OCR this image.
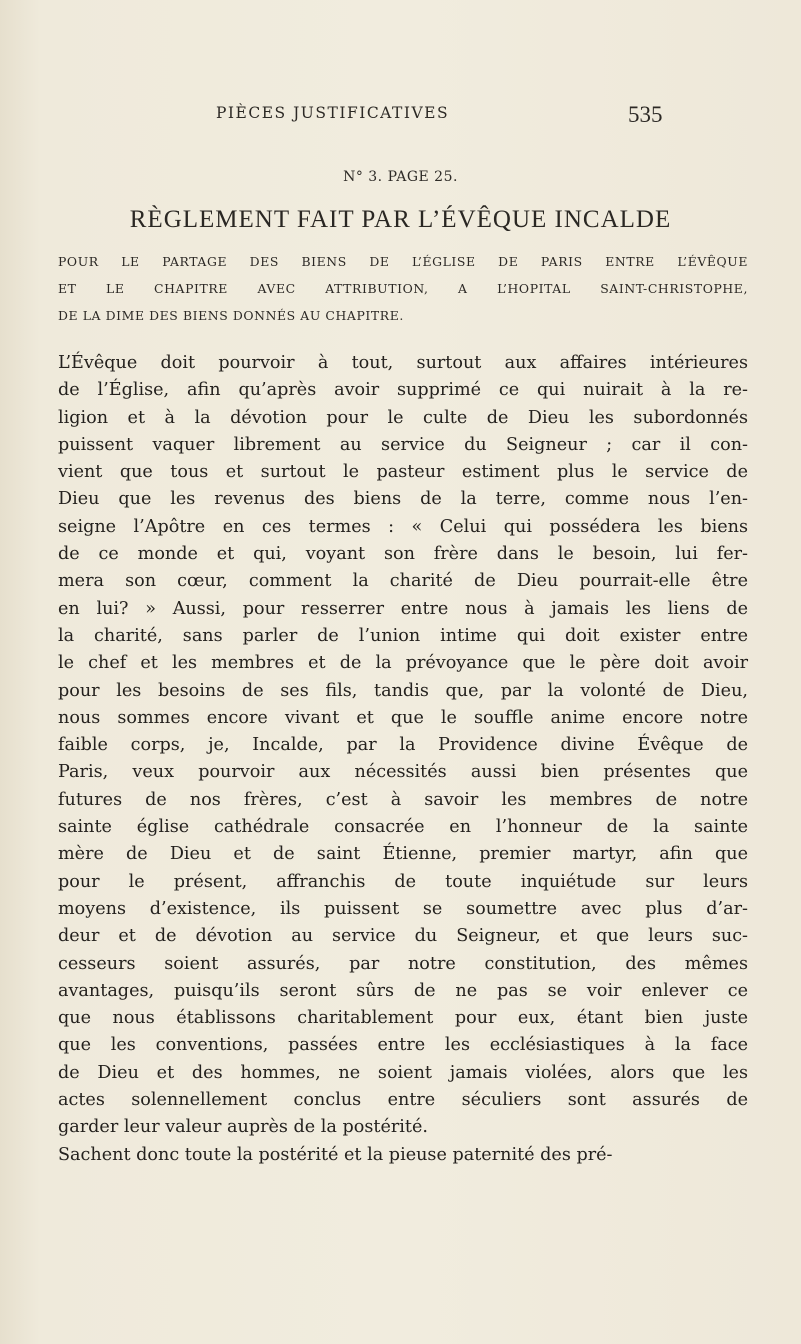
PIÈCES JUSTIFICATIVES	535
N° 3. PAGE 25.
RÈGLEMENT FAIT PAR L’ÉVÊQUE INCALDE
POUR LE PARTAGE DES BIENS DE L’ÉGLISE DE PARIS ENTRE L’ÉVÊQUE
ET LE CHAPITRE AVEC ATTRIBUTION, A L’HOPITAL SAINT-CHRISTOPHE,
DE LA DIME DES BIENS DONNÉS AU CHAPITRE.
L’Évêque doit pourvoir à tout, surtout aux affaires intérieures
de l’Église, afin qu’après avoir supprimé ce qui nuirait à la re-
ligion et à la dévotion pour le culte de Dieu les subordonnés
puissent vaquer librement au service du Seigneur ; car il con-
vient que tous et surtout le pasteur estiment plus le service de
Dieu que les revenus des biens de la terre, comme nous l’en-
seigne l’Apôtre en ces termes : « Celui qui possédera les biens
de ce monde et qui, voyant son frère dans le besoin, lui fer-
mera son cœur, comment la charité de Dieu pourrait-elle être
en lui? » Aussi, pour resserrer entre nous à jamais les liens de
la charité, sans parler de l’union intime qui doit exister entre
le chef et les membres et de la prévoyance que le père doit avoir
pour les besoins de ses fils, tandis que, par la volonté de Dieu,
nous sommes encore vivant et que le souffle anime encore notre
faible corps, je, Incalde, par la Providence divine Évêque de
Paris, veux pourvoir aux nécessités aussi bien présentes que
futures de nos frères, c’est à savoir les membres de notre
sainte église cathédrale consacrée en l’honneur de la sainte
mère de Dieu et de saint Étienne, premier martyr, afin que
pour le présent, affranchis de toute inquiétude sur leurs
moyens d’existence, ils puissent se soumettre avec plus d’ar-
deur et de dévotion au service du Seigneur, et que leurs suc-
cesseurs soient assurés, par notre constitution, des mêmes
avantages, puisqu’ils seront sûrs de ne pas se voir enlever ce
que nous établissons charitablement pour eux, étant bien juste
que les conventions, passées entre les ecclésiastiques à la face
de Dieu et des hommes, ne soient jamais violées, alors que les
actes solennellement conclus entre séculiers sont assurés de
garder leur valeur auprès de la postérité.
Sachent donc toute la postérité et la pieuse paternité des pré-
